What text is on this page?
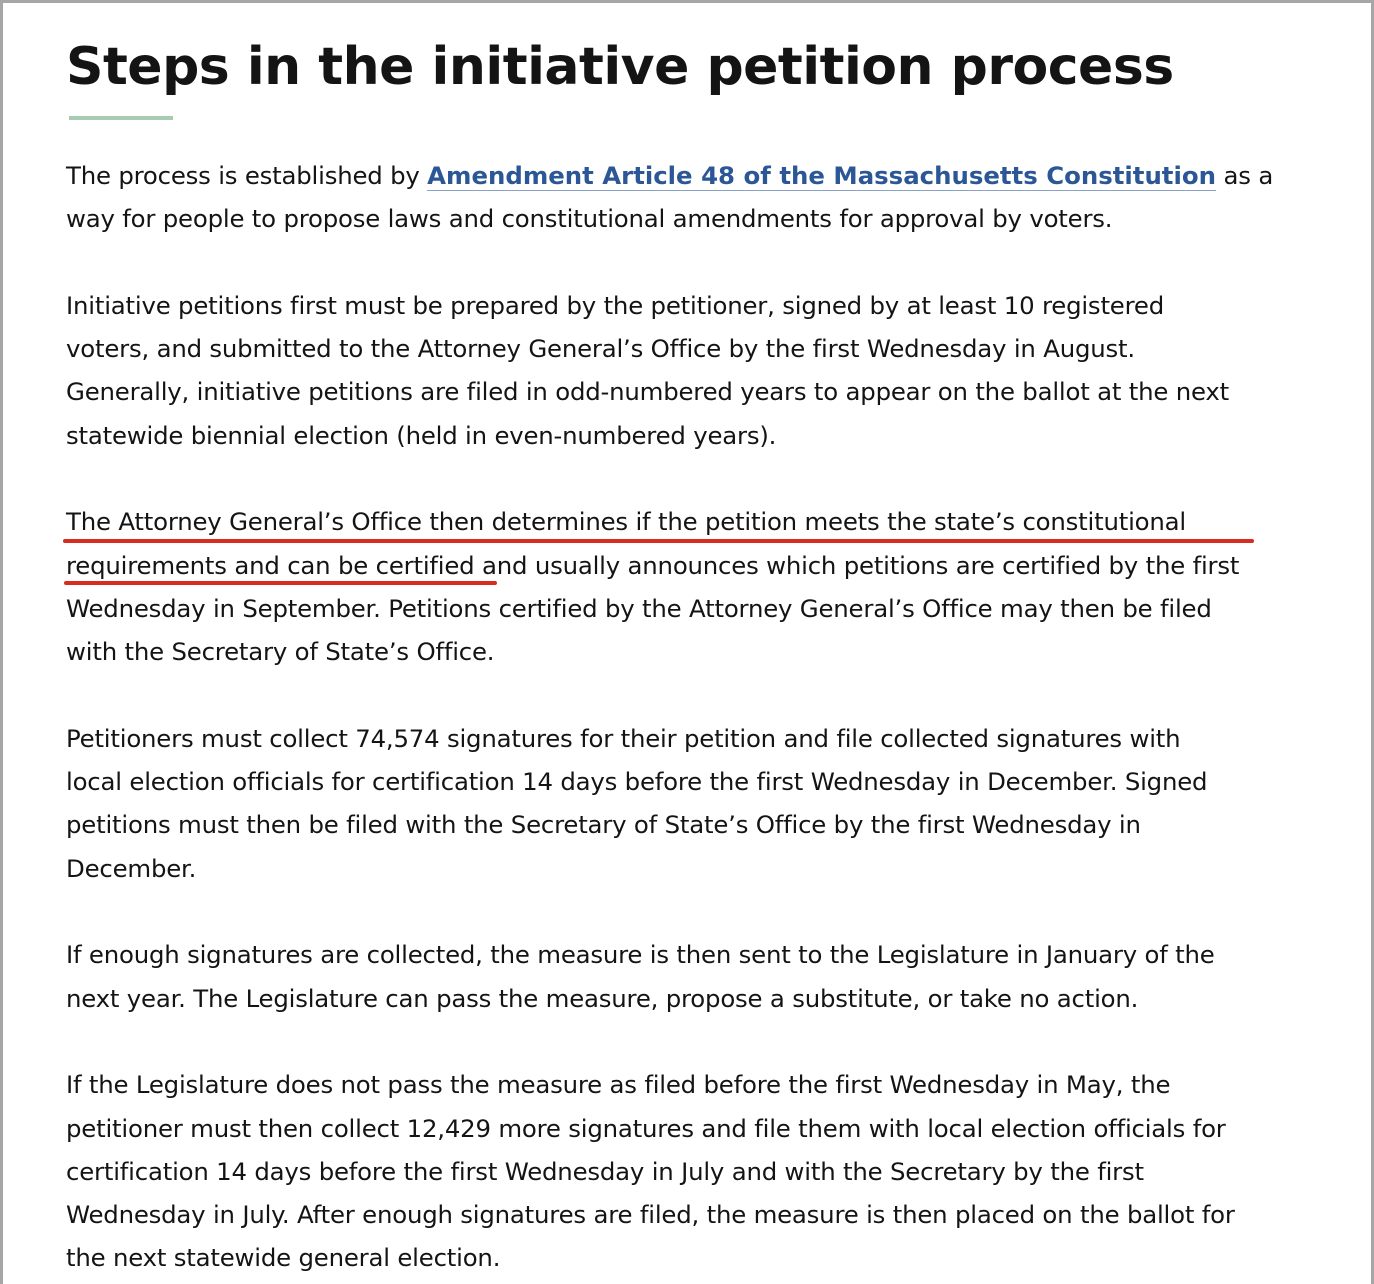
Steps in the initiative petition process

The process is established by Amendment Article 48 of the Massachusetts Constitution as a
way for people to propose laws and constitutional amendments for approval by voters.

Initiative petitions first must be prepared by the petitioner, signed by at least 10 registered
voters, and submitted to the Attorney General’s Office by the first Wednesday in August.
Generally, initiative petitions are filed in odd-numbered years to appear on the ballot at the next
statewide biennial election (held in even-numbered years).

The Attorney General’s Office then determines if the petition meets the state’s constitutional
requirements and can be certified and usually announces which petitions are certified by the first
Wednesday in September. Petitions certified by the Attorney General’s Office may then be filed
with the Secretary of State’s Office.

Petitioners must collect 74,574 signatures for their petition and file collected signatures with
local election officials for certification 14 days before the first Wednesday in December. Signed
petitions must then be filed with the Secretary of State’s Office by the first Wednesday in
December.

If enough signatures are collected, the measure is then sent to the Legislature in January of the
next year. The Legislature can pass the measure, propose a substitute, or take no action.

If the Legislature does not pass the measure as filed before the first Wednesday in May, the
petitioner must then collect 12,429 more signatures and file them with local election officials for
certification 14 days before the first Wednesday in July and with the Secretary by the first
Wednesday in July. After enough signatures are filed, the measure is then placed on the ballot for
the next statewide general election.
